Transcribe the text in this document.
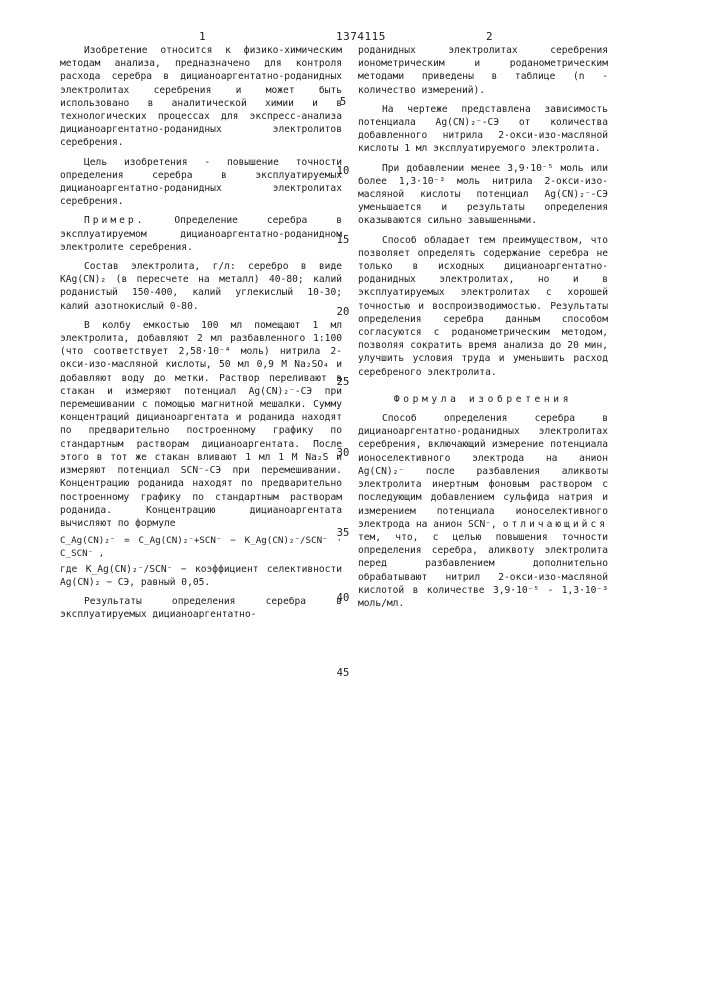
1	1374115	2
5
10
15
20
25
30
35
40
45

Изобретение относится к физико-химическим методам анализа, предназначено для контроля расхода серебра в дицианоаргентатно-роданидных электролитах серебрения и может быть использовано в аналитической химии и в технологических процессах для экспресс-анализа дицианоаргентатно-роданидных электролитов серебрения.

Цель изобретения - повышение точности определения серебра в эксплуатируемых дицианоаргентатно-роданидных электролитах серебрения.

Пример.	Определение серебра в эксплуатируемом дицианоаргентатно-роданидном электролите серебрения.

Состав электролита, г/л: серебро в виде KAg(CN)₂ (в пересчете на металл) 40-80; калий роданистый 150-400, калий углекислый 10-30; калий азотнокислый 0-80.

В колбу емкостью 100 мл помещают 1 мл электролита, добавляют 2 мл разбавленного 1:100 (что соответствует 2,58·10⁻⁴ моль) нитрила 2-окси-изо-масляной кислоты, 50 мл 0,9 М Na₂SO₄ и добавляют воду до метки. Раствор переливают в стакан и измеряют потенциал Ag(CN)₂⁻-СЭ при перемешивании с помощью магнитной мешалки. Сумму концентраций дицианоаргентата и роданида находят по предварительно построенному графику по стандартным растворам дицианоаргентата. После этого в тот же стакан вливают 1 мл 1 М Na₂S и измеряют потенциал SCN⁻-СЭ при перемешивании. Концентрацию роданида находят по предварительно построенному графику по стандартным растворам роданида. Концентрацию дицианоаргентата вычисляют по формуле

C_Ag(CN)₂⁻ = C_Ag(CN)₂⁻+SCN⁻ − K_Ag(CN)₂⁻/SCN⁻ · C_SCN⁻ ,

где K_Ag(CN)₂⁻/SCN⁻ − коэффициент селективности Ag(CN)₂ − СЭ, равный 0,05.

Результаты определения серебра в эксплуатируемых дицианоаргентатно-

роданидных электролитах серебрения ионометрическим и роданометрическим методами приведены в таблице (n - количество измерений).

На чертеже представлена зависимость потенциала Ag(CN)₂⁻-СЭ от количества добавленного нитрила 2-окси-изо-масляной кислоты 1 мл эксплуатируемого электролита.

При добавлении менее 3,9·10⁻⁵ моль или более 1,3·10⁻³ моль нитрила 2-окси-изо-масляной кислоты потенциал Ag(CN)₂⁻-СЭ уменьшается и результаты определения оказываются сильно завышенными.

Способ обладает тем преимуществом, что позволяет определять содержание серебра не только в исходных дицианоаргентатно-роданидных электролитах, но и в эксплуатируемых электролитах с хорошей точностью и воспроизводимостью. Результаты определения серебра данным способом согласуются с роданометрическим методом, позволяя сократить время анализа до 20 мин, улучшить условия труда и уменьшить расход серебреного электролита.

Формула изобретения

Способ определения серебра в дицианоаргентатно-роданидных электролитах серебрения, включающий измерение потенциала ионоселективного электрода на анион Ag(CN)₂⁻ после разбавления аликвоты электролита инертным фоновым раствором с последующим добавлением сульфида натрия и измерением потенциала ионоселективного электрода на анион SCN⁻, отличающийся тем, что, с целью повышения точности определения серебра, аликвоту электролита перед разбавлением дополнительно обрабатывают нитрил 2-окси-изо-масляной кислотой в количестве 3,9·10⁻⁵ - 1,3·10⁻³ моль/мл.
